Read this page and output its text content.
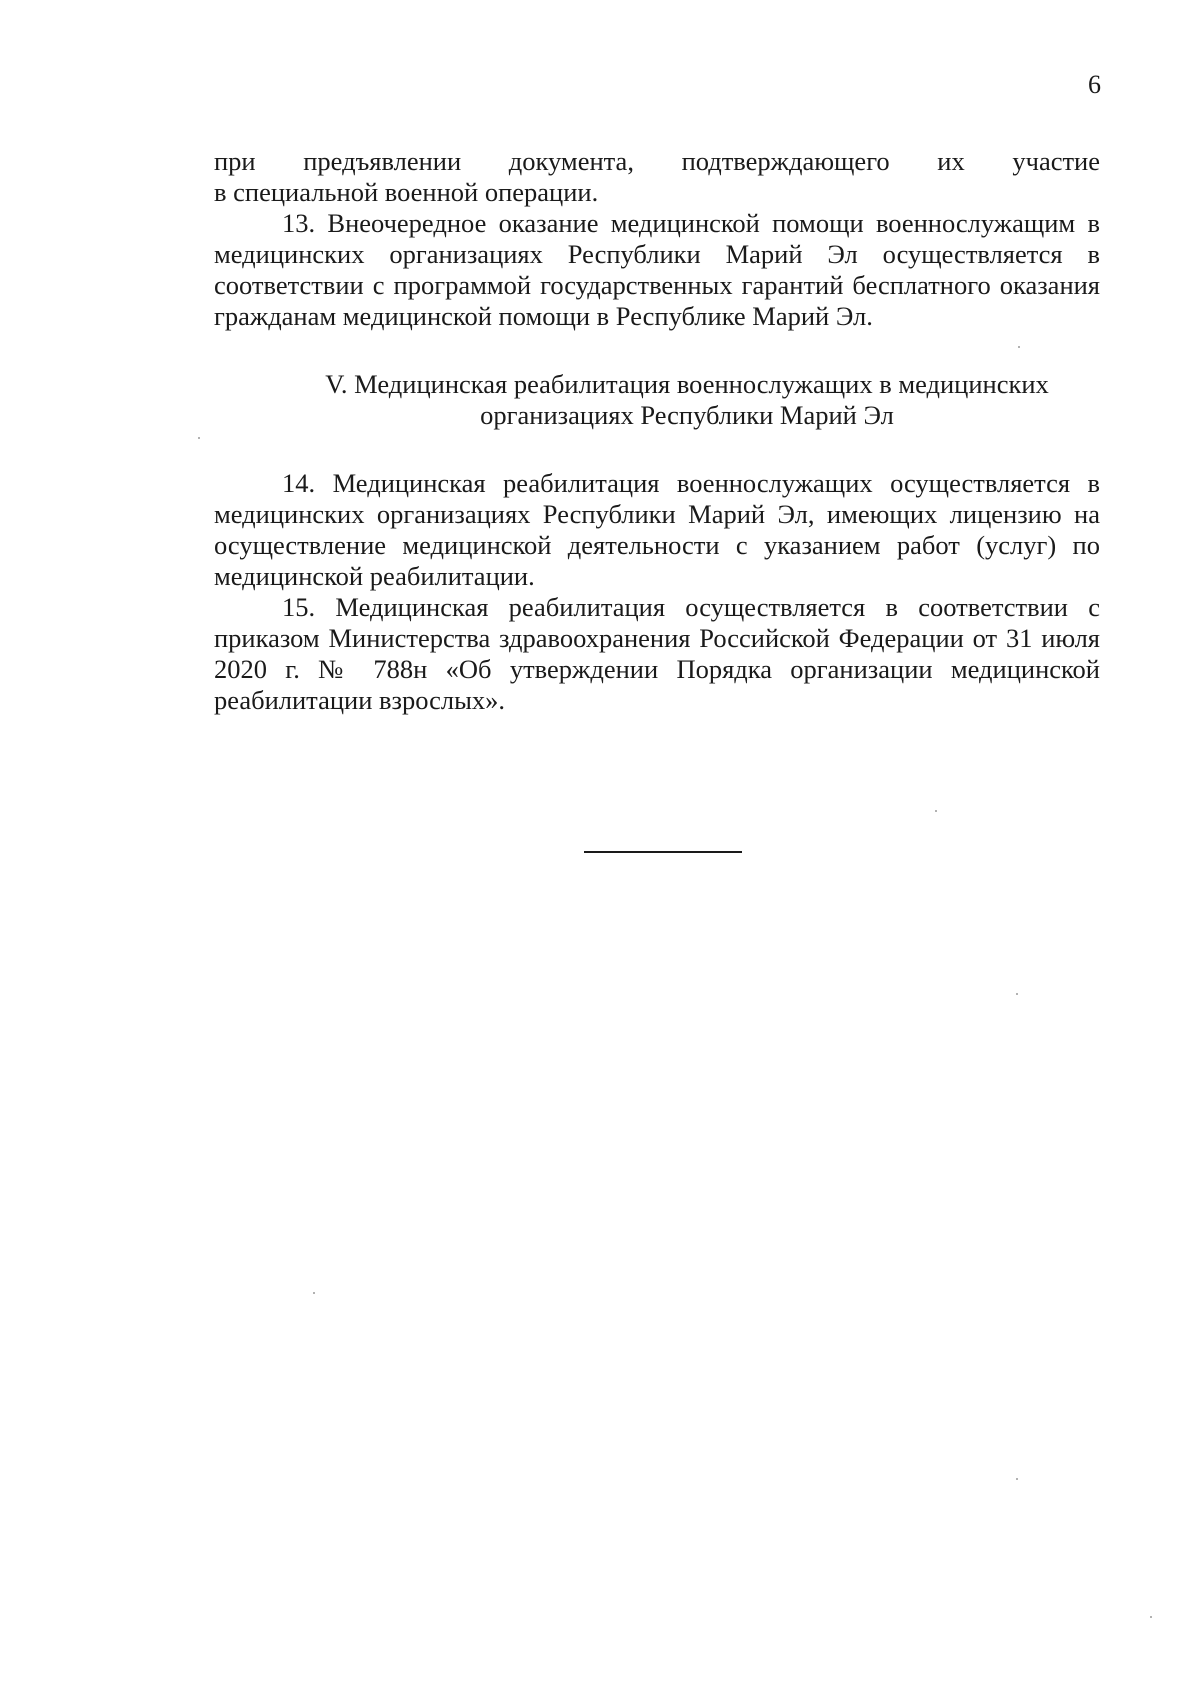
6

при предъявлении документа, подтверждающего их участие
в специальной военной операции.

13. Внеочередное оказание медицинской помощи военнослужащим в медицинских организациях Республики Марий Эл осуществляется в соответствии с программой государственных гарантий бесплатного оказания гражданам медицинской помощи в Республике Марий Эл.

V. Медицинская реабилитация военнослужащих в медицинских
организациях Республики Марий Эл

14. Медицинская реабилитация военнослужащих осуществляется в медицинских организациях Республики Марий Эл, имеющих лицензию на осуществление медицинской деятельности с указанием работ (услуг) по медицинской реабилитации.

15. Медицинская реабилитация осуществляется в соответствии с приказом Министерства здравоохранения Российской Федерации от 31 июля 2020 г. № 788н «Об утверждении Порядка организации медицинской реабилитации взрослых».
